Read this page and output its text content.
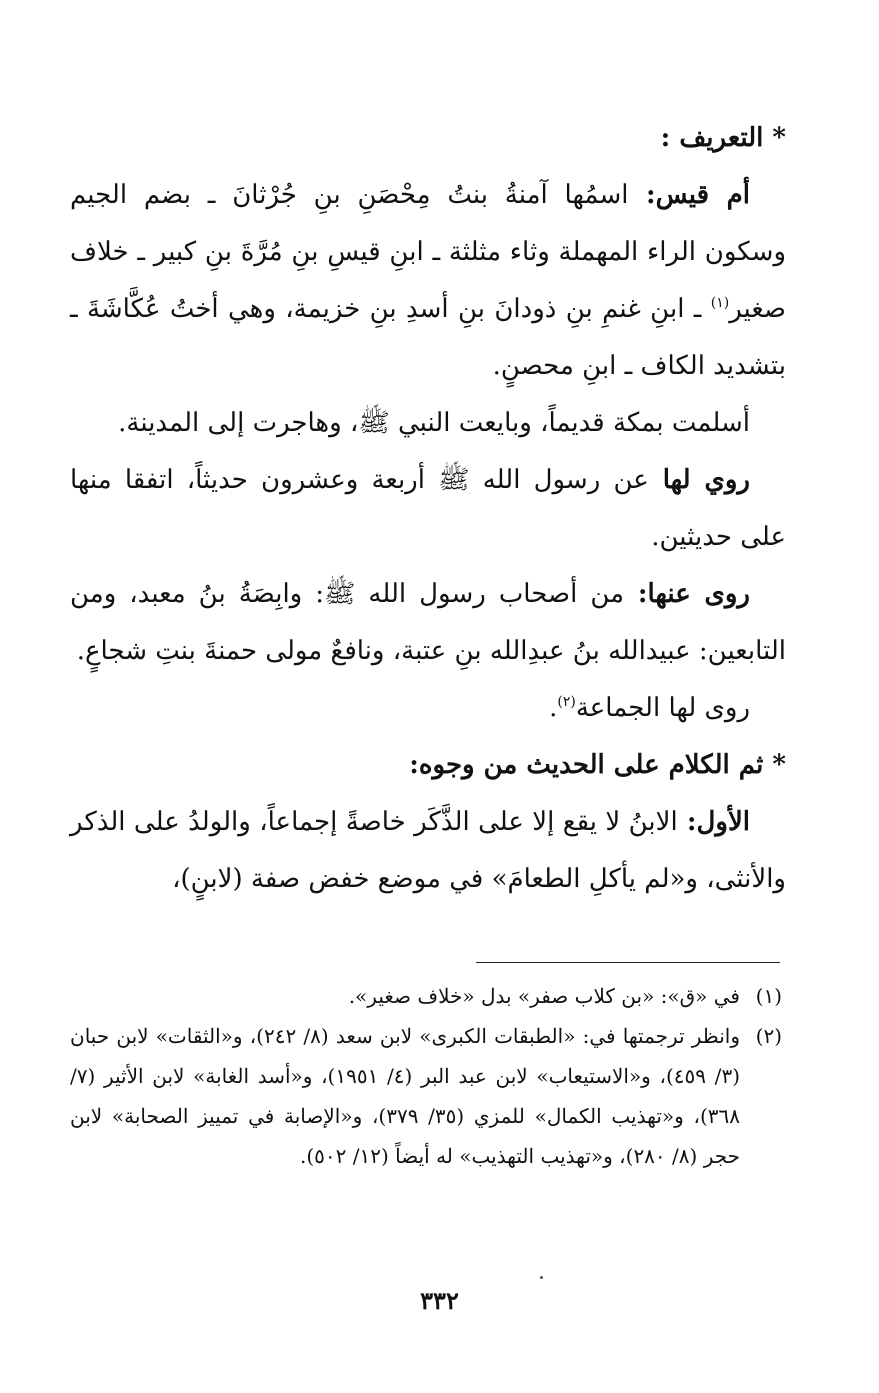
* التعريف :

أم قيس: اسمُها آمنةُ بنتُ مِحْصَنِ بنِ جُرْثانَ ـ بضم الجيم وسكون الراء المهملة وثاء مثلثة ـ ابنِ قيسِ بنِ مُرَّةَ بنِ كبير ـ خلاف صغير$^{(١)}$ ـ ابنِ غنمِ بنِ ذودانَ بنِ أسدِ بنِ خزيمة، وهي أختُ عُكَّاشَةَ ـ بتشديد الكاف ـ ابنِ محصنٍ.

أسلمت بمكة قديماً، وبايعت النبي ﷺ، وهاجرت إلى المدينة.

روي لها عن رسول الله ﷺ أربعة وعشرون حديثاً، اتفقا منها على حديثين.

روى عنها: من أصحاب رسول الله ﷺ: وابِصَةُ بنُ معبد، ومن التابعين: عبيدالله بنُ عبدِالله بنِ عتبة، ونافعٌ مولى حمنةَ بنتِ شجاعٍ.

روى لها الجماعة$^{(٢)}$.

* ثم الكلام على الحديث من وجوه:

الأول: الابنُ لا يقع إلا على الذَّكَر خاصةً إجماعاً، والولدُ على الذكر والأنثى، و«لم يأكلِ الطعامَ» في موضع خفض صفة (لابنٍ)،

(١)
في «ق»: «بن كلاب صفر» بدل «خلاف صغير».
(٢)
وانظر ترجمتها في: «الطبقات الكبرى» لابن سعد (٨/ ٢٤٢)، و«الثقات» لابن حبان (٣/ ٤٥٩)، و«الاستيعاب» لابن عبد البر (٤/ ١٩٥١)، و«أسد الغابة» لابن الأثير (٧/ ٣٦٨)، و«تهذيب الكمال» للمزي (٣٥/ ٣٧٩)، و«الإصابة في تمييز الصحابة» لابن حجر (٨/ ٢٨٠)، و«تهذيب التهذيب» له أيضاً (١٢/ ٥٠٢).
٣٣٢
